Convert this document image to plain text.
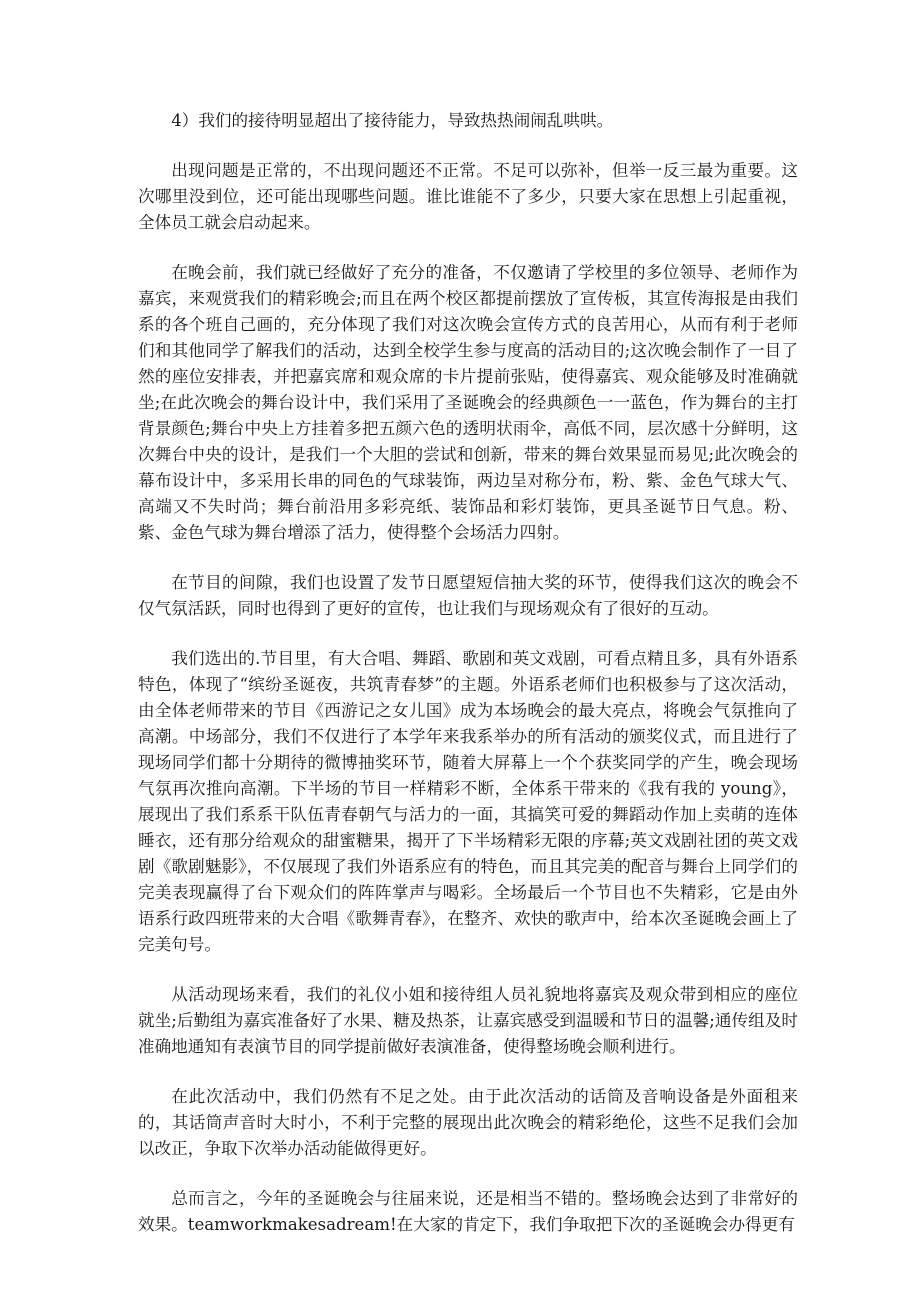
4）我们的接待明显超出了接待能力，导致热热闹闹乱哄哄。

出现问题是正常的，不出现问题还不正常。不足可以弥补，但举一反三最为重要。这次哪里没到位，还可能出现哪些问题。谁比谁能不了多少，只要大家在思想上引起重视，全体员工就会启动起来。

在晚会前，我们就已经做好了充分的准备，不仅邀请了学校里的多位领导、老师作为嘉宾，来观赏我们的精彩晚会;而且在两个校区都提前摆放了宣传板，其宣传海报是由我们系的各个班自己画的，充分体现了我们对这次晚会宣传方式的良苦用心，从而有利于老师们和其他同学了解我们的活动，达到全校学生参与度高的活动目的;这次晚会制作了一目了然的座位安排表，并把嘉宾席和观众席的卡片提前张贴，使得嘉宾、观众能够及时准确就坐;在此次晚会的舞台设计中，我们采用了圣诞晚会的经典颜色一一蓝色，作为舞台的主打背景颜色;舞台中央上方挂着多把五颜六色的透明状雨伞，高低不同，层次感十分鲜明，这次舞台中央的设计，是我们一个大胆的尝试和创新，带来的舞台效果显而易见;此次晚会的幕布设计中，多采用长串的同色的气球装饰，两边呈对称分布，粉、紫、金色气球大气、高端又不失时尚；舞台前沿用多彩亮纸、装饰品和彩灯装饰，更具圣诞节日气息。粉、紫、金色气球为舞台增添了活力，使得整个会场活力四射。

在节目的间隙，我们也设置了发节日愿望短信抽大奖的环节，使得我们这次的晚会不仅气氛活跃，同时也得到了更好的宣传，也让我们与现场观众有了很好的互动。

我们选出的.节目里，有大合唱、舞蹈、歌剧和英文戏剧，可看点精且多，具有外语系特色，体现了“缤纷圣诞夜，共筑青春梦”的主题。外语系老师们也积极参与了这次活动，由全体老师带来的节目《西游记之女儿国》成为本场晚会的最大亮点，将晚会气氛推向了高潮。中场部分，我们不仅进行了本学年来我系举办的所有活动的颁奖仪式，而且进行了现场同学们都十分期待的微博抽奖环节，随着大屏幕上一个个获奖同学的产生，晚会现场气氛再次推向高潮。下半场的节目一样精彩不断，全体系干带来的《我有我的 young》，展现出了我们系系干队伍青春朝气与活力的一面，其搞笑可爱的舞蹈动作加上卖萌的连体睡衣，还有那分给观众的甜蜜糖果，揭开了下半场精彩无限的序幕;英文戏剧社团的英文戏剧《歌剧魅影》，不仅展现了我们外语系应有的特色，而且其完美的配音与舞台上同学们的完美表现赢得了台下观众们的阵阵掌声与喝彩。全场最后一个节目也不失精彩，它是由外语系行政四班带来的大合唱《歌舞青春》，在整齐、欢快的歌声中，给本次圣诞晚会画上了完美句号。

从活动现场来看，我们的礼仪小姐和接待组人员礼貌地将嘉宾及观众带到相应的座位就坐;后勤组为嘉宾准备好了水果、糖及热茶，让嘉宾感受到温暖和节日的温馨;通传组及时准确地通知有表演节目的同学提前做好表演准备，使得整场晚会顺利进行。

在此次活动中，我们仍然有不足之处。由于此次活动的话筒及音响设备是外面租来的，其话筒声音时大时小，不利于完整的展现出此次晚会的精彩绝伦，这些不足我们会加以改正，争取下次举办活动能做得更好。

总而言之，今年的圣诞晚会与往届来说，还是相当不错的。整场晚会达到了非常好的效果。teamworkmakesadream!在大家的肯定下，我们争取把下次的圣诞晚会办得更有
